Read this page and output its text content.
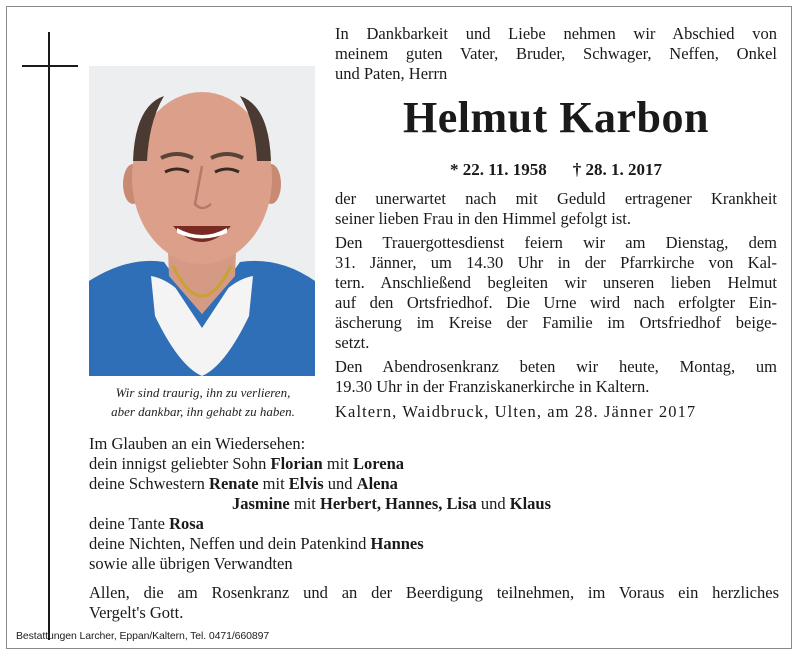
Wir sind traurig, ihn zu verlieren,
aber dankbar, ihn gehabt zu haben.
In Dankbarkeit und Liebe nehmen wir Abschied von
meinem guten Vater, Bruder, Schwager, Neffen, Onkel
und Paten, Herrn
Helmut Karbon
* 22. 11. 1958 † 28. 1. 2017
der unerwartet nach mit Geduld ertragener Krankheit
seiner lieben Frau in den Himmel gefolgt ist.
Den Trauergottesdienst feiern wir am Dienstag, dem
31. Jänner, um 14.30 Uhr in der Pfarrkirche von Kal-
tern. Anschließend begleiten wir unseren lieben Helmut
auf den Ortsfriedhof. Die Urne wird nach erfolgter Ein-
äscherung im Kreise der Familie im Ortsfriedhof beige-
setzt.
Den Abendrosenkranz beten wir heute, Montag, um
19.30 Uhr in der Franziskanerkirche in Kaltern.
Kaltern, Waidbruck, Ulten, am 28. Jänner 2017
Im Glauben an ein Wiedersehen:
dein innigst geliebter Sohn Florian mit Lorena
deine Schwestern Renate mit Elvis und Alena
Jasmine mit Herbert, Hannes, Lisa und Klaus
deine Tante Rosa
deine Nichten, Neffen und dein Patenkind Hannes
sowie alle übrigen Verwandten
Allen, die am Rosenkranz und an der Beerdigung teilnehmen, im Voraus ein herzliches
Vergelt's Gott.
Bestattungen Larcher, Eppan/Kaltern, Tel. 0471/660897
